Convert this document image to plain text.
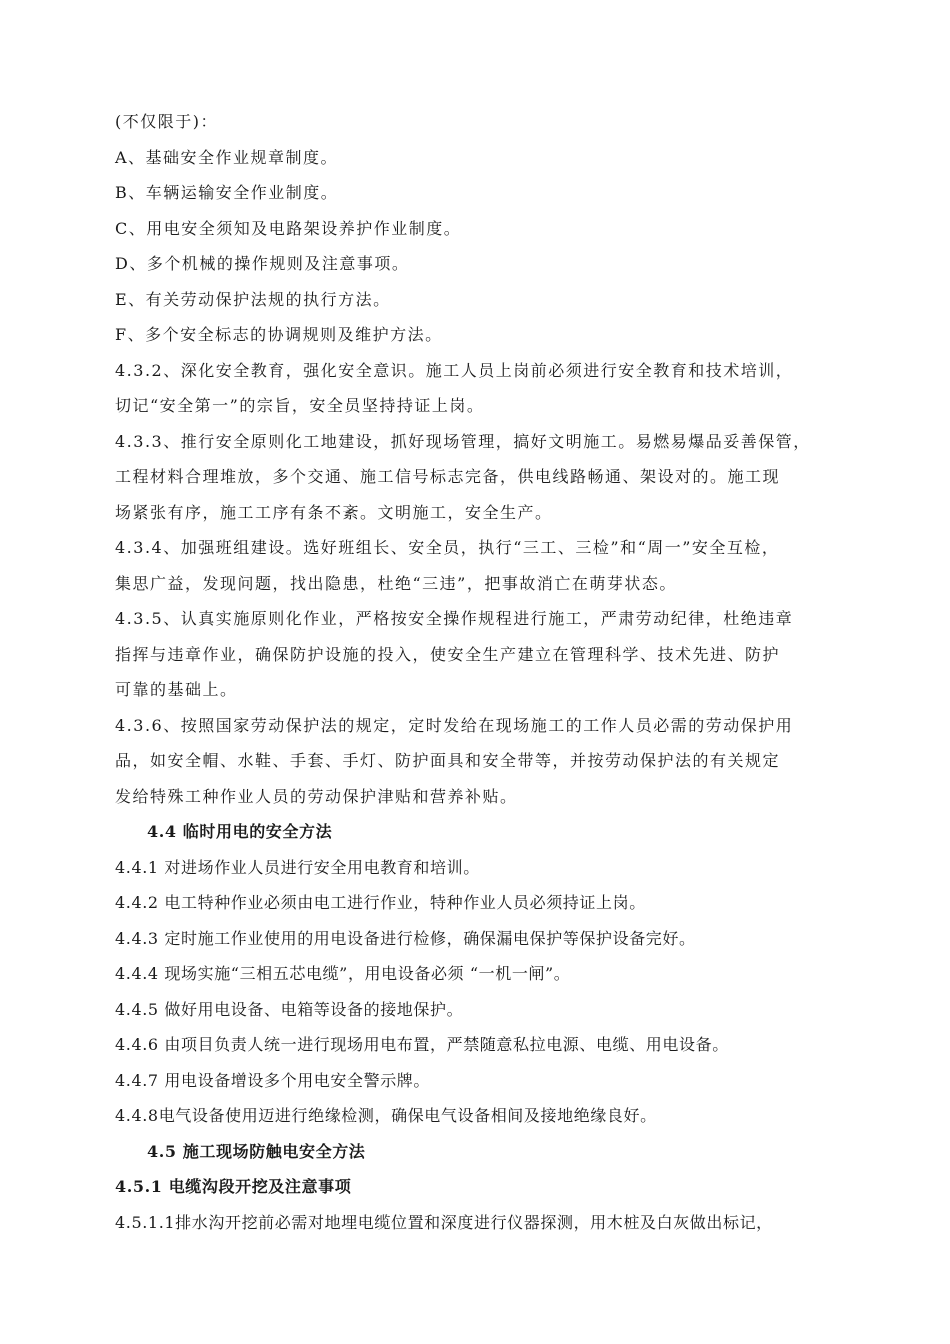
(不仅限于)：
A、基础安全作业规章制度。
B、车辆运输安全作业制度。
C、用电安全须知及电路架设养护作业制度。
D、多个机械的操作规则及注意事项。
E、有关劳动保护法规的执行方法。
F、多个安全标志的协调规则及维护方法。
4.3.2、深化安全教育，强化安全意识。施工人员上岗前必须进行安全教育和技术培训，
切记“安全第一”的宗旨，安全员坚持持证上岗。
4.3.3、推行安全原则化工地建设，抓好现场管理，搞好文明施工。易燃易爆品妥善保管，
工程材料合理堆放，多个交通、施工信号标志完备，供电线路畅通、架设对的。施工现
场紧张有序，施工工序有条不紊。文明施工，安全生产。
4.3.4、加强班组建设。选好班组长、安全员，执行“三工、三检”和“周一”安全互检，
集思广益，发现问题，找出隐患，杜绝“三违”，把事故消亡在萌芽状态。
4.3.5、认真实施原则化作业，严格按安全操作规程进行施工，严肃劳动纪律，杜绝违章
指挥与违章作业，确保防护设施的投入，使安全生产建立在管理科学、技术先进、防护
可靠的基础上。
4.3.6、按照国家劳动保护法的规定，定时发给在现场施工的工作人员必需的劳动保护用
品，如安全帽、水鞋、手套、手灯、防护面具和安全带等，并按劳动保护法的有关规定
发给特殊工种作业人员的劳动保护津贴和营养补贴。
4.4 临时用电的安全方法
4.4.1 对进场作业人员进行安全用电教育和培训。
4.4.2 电工特种作业必须由电工进行作业，特种作业人员必须持证上岗。
4.4.3 定时施工作业使用的用电设备进行检修，确保漏电保护等保护设备完好。
4.4.4 现场实施“三相五芯电缆”，用电设备必须 “一机一闸”。
4.4.5 做好用电设备、电箱等设备的接地保护。
4.4.6 由项目负责人统一进行现场用电布置，严禁随意私拉电源、电缆、用电设备。
4.4.7 用电设备增设多个用电安全警示牌。
4.4.8电气设备使用迈进行绝缘检测，确保电气设备相间及接地绝缘良好。
4.5 施工现场防触电安全方法
4.5.1 电缆沟段开挖及注意事项
4.5.1.1排水沟开挖前必需对地埋电缆位置和深度进行仪器探测，用木桩及白灰做出标记，
